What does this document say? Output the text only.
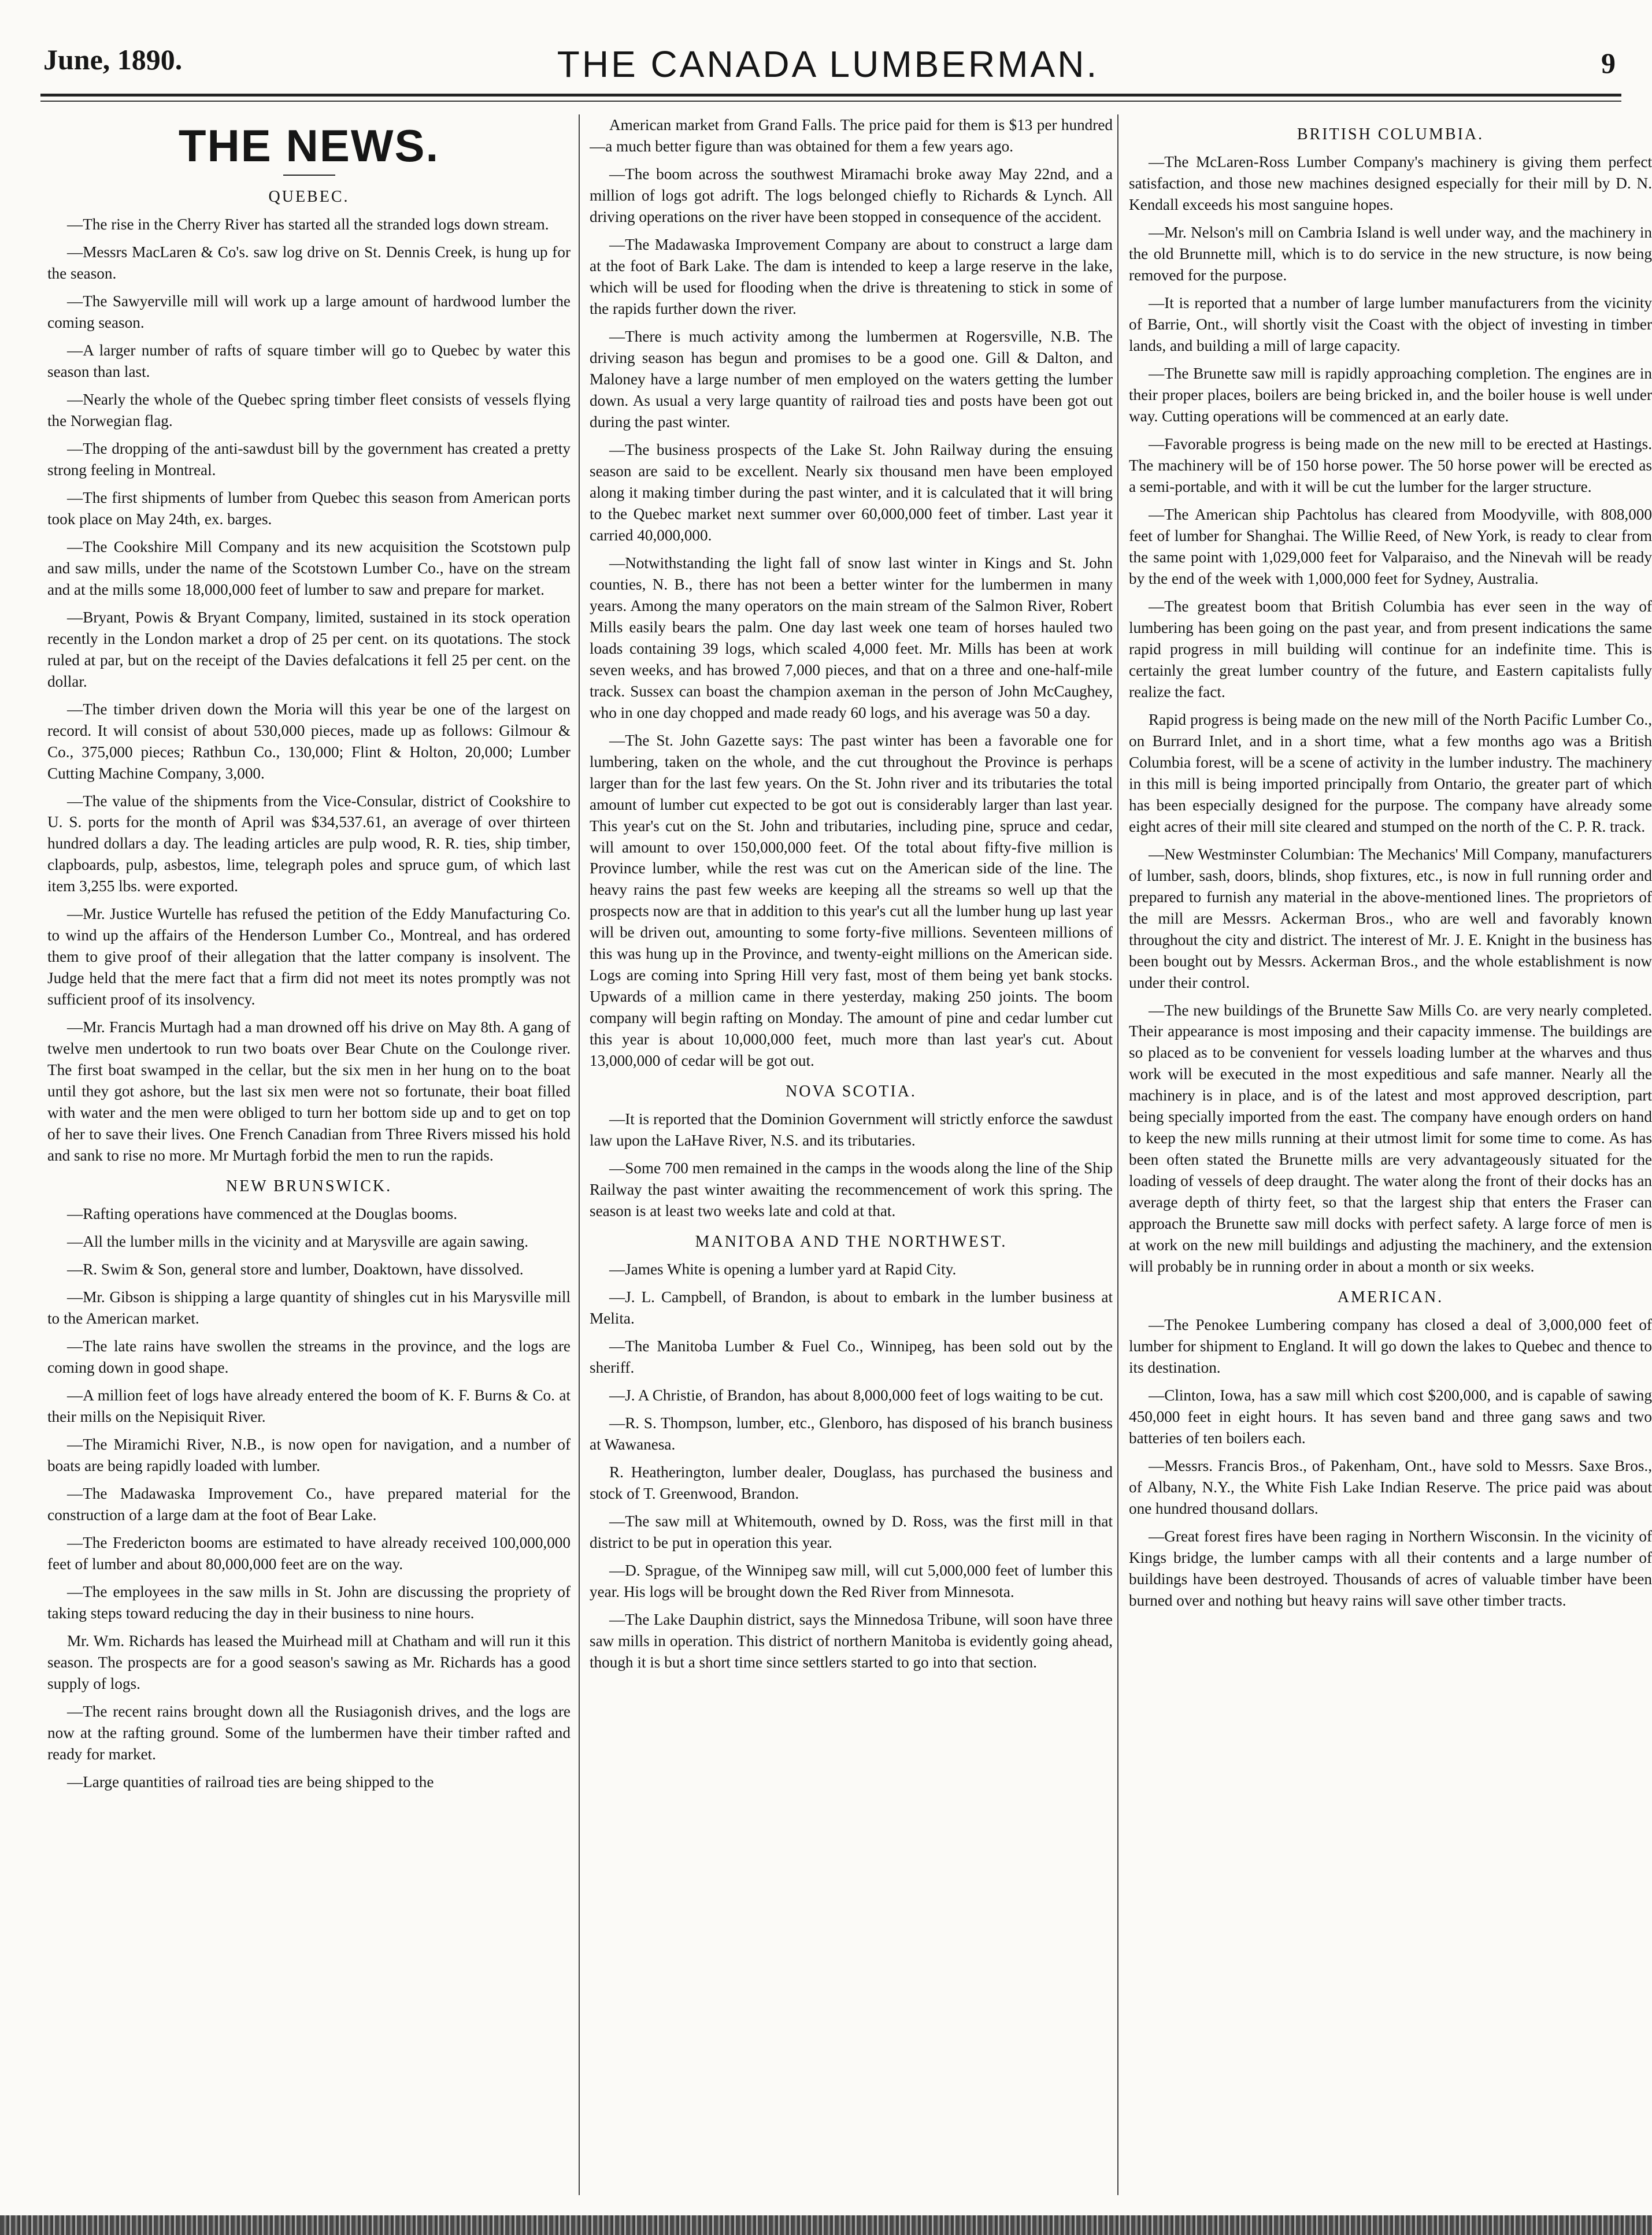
June, 1890.	THE CANADA LUMBERMAN.	9
THE NEWS.
QUEBEC.

—The rise in the Cherry River has started all the stranded logs down stream.

—Messrs MacLaren & Co's. saw log drive on St. Dennis Creek, is hung up for the season.

—The Sawyerville mill will work up a large amount of hardwood lumber the coming season.

—A larger number of rafts of square timber will go to Quebec by water this season than last.

—Nearly the whole of the Quebec spring timber fleet consists of vessels flying the Norwegian flag.

—The dropping of the anti-sawdust bill by the government has created a pretty strong feeling in Montreal.

—The first shipments of lumber from Quebec this season from American ports took place on May 24th, ex. barges.

—The Cookshire Mill Company and its new acquisition the Scotstown pulp and saw mills, under the name of the Scotstown Lumber Co., have on the stream and at the mills some 18,000,000 feet of lumber to saw and prepare for market.

—Bryant, Powis & Bryant Company, limited, sustained in its stock operation recently in the London market a drop of 25 per cent. on its quotations. The stock ruled at par, but on the receipt of the Davies defalcations it fell 25 per cent. on the dollar.

—The timber driven down the Moria will this year be one of the largest on record. It will consist of about 530,000 pieces, made up as follows: Gilmour & Co., 375,000 pieces; Rathbun Co., 130,000; Flint & Holton, 20,000; Lumber Cutting Machine Company, 3,000.

—The value of the shipments from the Vice-Consular, district of Cookshire to U. S. ports for the month of April was $34,537.61, an average of over thirteen hundred dollars a day. The leading articles are pulp wood, R. R. ties, ship timber, clapboards, pulp, asbestos, lime, telegraph poles and spruce gum, of which last item 3,255 lbs. were exported.

—Mr. Justice Wurtelle has refused the petition of the Eddy Manufacturing Co. to wind up the affairs of the Henderson Lumber Co., Montreal, and has ordered them to give proof of their allegation that the latter company is insolvent. The Judge held that the mere fact that a firm did not meet its notes promptly was not sufficient proof of its insolvency.

—Mr. Francis Murtagh had a man drowned off his drive on May 8th. A gang of twelve men undertook to run two boats over Bear Chute on the Coulonge river. The first boat swamped in the cellar, but the six men in her hung on to the boat until they got ashore, but the last six men were not so fortunate, their boat filled with water and the men were obliged to turn her bottom side up and to get on top of her to save their lives. One French Canadian from Three Rivers missed his hold and sank to rise no more. Mr Murtagh forbid the men to run the rapids.

NEW BRUNSWICK.

—Rafting operations have commenced at the Douglas booms.

—All the lumber mills in the vicinity and at Marysville are again sawing.

—R. Swim & Son, general store and lumber, Doaktown, have dissolved.

—Mr. Gibson is shipping a large quantity of shingles cut in his Marysville mill to the American market.

—The late rains have swollen the streams in the province, and the logs are coming down in good shape.

—A million feet of logs have already entered the boom of K. F. Burns & Co. at their mills on the Nepisiquit River.

—The Miramichi River, N.B., is now open for navigation, and a number of boats are being rapidly loaded with lumber.

—The Madawaska Improvement Co., have prepared material for the construction of a large dam at the foot of Bear Lake.

—The Fredericton booms are estimated to have already received 100,000,000 feet of lumber and about 80,000,000 feet are on the way.

—The employees in the saw mills in St. John are discussing the propriety of taking steps toward reducing the day in their business to nine hours.

Mr. Wm. Richards has leased the Muirhead mill at Chatham and will run it this season. The prospects are for a good season's sawing as Mr. Richards has a good supply of logs.

—The recent rains brought down all the Rusiagonish drives, and the logs are now at the rafting ground. Some of the lumbermen have their timber rafted and ready for market.

—Large quantities of railroad ties are being shipped to the

American market from Grand Falls. The price paid for them is $13 per hundred—a much better figure than was obtained for them a few years ago.

—The boom across the southwest Miramachi broke away May 22nd, and a million of logs got adrift. The logs belonged chiefly to Richards & Lynch. All driving operations on the river have been stopped in consequence of the accident.

—The Madawaska Improvement Company are about to construct a large dam at the foot of Bark Lake. The dam is intended to keep a large reserve in the lake, which will be used for flooding when the drive is threatening to stick in some of the rapids further down the river.

—There is much activity among the lumbermen at Rogersville, N.B. The driving season has begun and promises to be a good one. Gill & Dalton, and Maloney have a large number of men employed on the waters getting the lumber down. As usual a very large quantity of railroad ties and posts have been got out during the past winter.

—The business prospects of the Lake St. John Railway during the ensuing season are said to be excellent. Nearly six thousand men have been employed along it making timber during the past winter, and it is calculated that it will bring to the Quebec market next summer over 60,000,000 feet of timber. Last year it carried 40,000,000.

—Notwithstanding the light fall of snow last winter in Kings and St. John counties, N. B., there has not been a better winter for the lumbermen in many years. Among the many operators on the main stream of the Salmon River, Robert Mills easily bears the palm. One day last week one team of horses hauled two loads containing 39 logs, which scaled 4,000 feet. Mr. Mills has been at work seven weeks, and has browed 7,000 pieces, and that on a three and one-half-mile track. Sussex can boast the champion axeman in the person of John McCaughey, who in one day chopped and made ready 60 logs, and his average was 50 a day.

—The St. John Gazette says: The past winter has been a favorable one for lumbering, taken on the whole, and the cut throughout the Province is perhaps larger than for the last few years. On the St. John river and its tributaries the total amount of lumber cut expected to be got out is considerably larger than last year. This year's cut on the St. John and tributaries, including pine, spruce and cedar, will amount to over 150,000,000 feet. Of the total about fifty-five million is Province lumber, while the rest was cut on the American side of the line. The heavy rains the past few weeks are keeping all the streams so well up that the prospects now are that in addition to this year's cut all the lumber hung up last year will be driven out, amounting to some forty-five millions. Seventeen millions of this was hung up in the Province, and twenty-eight millions on the American side. Logs are coming into Spring Hill very fast, most of them being yet bank stocks. Upwards of a million came in there yesterday, making 250 joints. The boom company will begin rafting on Monday. The amount of pine and cedar lumber cut this year is about 10,000,000 feet, much more than last year's cut. About 13,000,000 of cedar will be got out.

NOVA SCOTIA.

—It is reported that the Dominion Government will strictly enforce the sawdust law upon the LaHave River, N.S. and its tributaries.

—Some 700 men remained in the camps in the woods along the line of the Ship Railway the past winter awaiting the recommencement of work this spring. The season is at least two weeks late and cold at that.

MANITOBA AND THE NORTHWEST.

—James White is opening a lumber yard at Rapid City.

—J. L. Campbell, of Brandon, is about to embark in the lumber business at Melita.

—The Manitoba Lumber & Fuel Co., Winnipeg, has been sold out by the sheriff.

—J. A Christie, of Brandon, has about 8,000,000 feet of logs waiting to be cut.

—R. S. Thompson, lumber, etc., Glenboro, has disposed of his branch business at Wawanesa.

R. Heatherington, lumber dealer, Douglass, has purchased the business and stock of T. Greenwood, Brandon.

—The saw mill at Whitemouth, owned by D. Ross, was the first mill in that district to be put in operation this year.

—D. Sprague, of the Winnipeg saw mill, will cut 5,000,000 feet of lumber this year. His logs will be brought down the Red River from Minnesota.

—The Lake Dauphin district, says the Minnedosa Tribune, will soon have three saw mills in operation. This district of northern Manitoba is evidently going ahead, though it is but a short time since settlers started to go into that section.

BRITISH COLUMBIA.

—The McLaren-Ross Lumber Company's machinery is giving them perfect satisfaction, and those new machines designed especially for their mill by D. N. Kendall exceeds his most sanguine hopes.

—Mr. Nelson's mill on Cambria Island is well under way, and the machinery in the old Brunnette mill, which is to do service in the new structure, is now being removed for the purpose.

—It is reported that a number of large lumber manufacturers from the vicinity of Barrie, Ont., will shortly visit the Coast with the object of investing in timber lands, and building a mill of large capacity.

—The Brunette saw mill is rapidly approaching completion. The engines are in their proper places, boilers are being bricked in, and the boiler house is well under way. Cutting operations will be commenced at an early date.

—Favorable progress is being made on the new mill to be erected at Hastings. The machinery will be of 150 horse power. The 50 horse power will be erected as a semi-portable, and with it will be cut the lumber for the larger structure.

—The American ship Pachtolus has cleared from Moodyville, with 808,000 feet of lumber for Shanghai. The Willie Reed, of New York, is ready to clear from the same point with 1,029,000 feet for Valparaiso, and the Ninevah will be ready by the end of the week with 1,000,000 feet for Sydney, Australia.

—The greatest boom that British Columbia has ever seen in the way of lumbering has been going on the past year, and from present indications the same rapid progress in mill building will continue for an indefinite time. This is certainly the great lumber country of the future, and Eastern capitalists fully realize the fact.

Rapid progress is being made on the new mill of the North Pacific Lumber Co., on Burrard Inlet, and in a short time, what a few months ago was a British Columbia forest, will be a scene of activity in the lumber industry. The machinery in this mill is being imported principally from Ontario, the greater part of which has been especially designed for the purpose. The company have already some eight acres of their mill site cleared and stumped on the north of the C. P. R. track.

—New Westminster Columbian: The Mechanics' Mill Company, manufacturers of lumber, sash, doors, blinds, shop fixtures, etc., is now in full running order and prepared to furnish any material in the above-mentioned lines. The proprietors of the mill are Messrs. Ackerman Bros., who are well and favorably known throughout the city and district. The interest of Mr. J. E. Knight in the business has been bought out by Messrs. Ackerman Bros., and the whole establishment is now under their control.

—The new buildings of the Brunette Saw Mills Co. are very nearly completed. Their appearance is most imposing and their capacity immense. The buildings are so placed as to be convenient for vessels loading lumber at the wharves and thus work will be executed in the most expeditious and safe manner. Nearly all the machinery is in place, and is of the latest and most approved description, part being specially imported from the east. The company have enough orders on hand to keep the new mills running at their utmost limit for some time to come. As has been often stated the Brunette mills are very advantageously situated for the loading of vessels of deep draught. The water along the front of their docks has an average depth of thirty feet, so that the largest ship that enters the Fraser can approach the Brunette saw mill docks with perfect safety. A large force of men is at work on the new mill buildings and adjusting the machinery, and the extension will probably be in running order in about a month or six weeks.

AMERICAN.

—The Penokee Lumbering company has closed a deal of 3,000,000 feet of lumber for shipment to England. It will go down the lakes to Quebec and thence to its destination.

—Clinton, Iowa, has a saw mill which cost $200,000, and is capable of sawing 450,000 feet in eight hours. It has seven band and three gang saws and two batteries of ten boilers each.

—Messrs. Francis Bros., of Pakenham, Ont., have sold to Messrs. Saxe Bros., of Albany, N.Y., the White Fish Lake Indian Reserve. The price paid was about one hundred thousand dollars.

—Great forest fires have been raging in Northern Wisconsin. In the vicinity of Kings bridge, the lumber camps with all their contents and a large number of buildings have been destroyed. Thousands of acres of valuable timber have been burned over and nothing but heavy rains will save other timber tracts.
